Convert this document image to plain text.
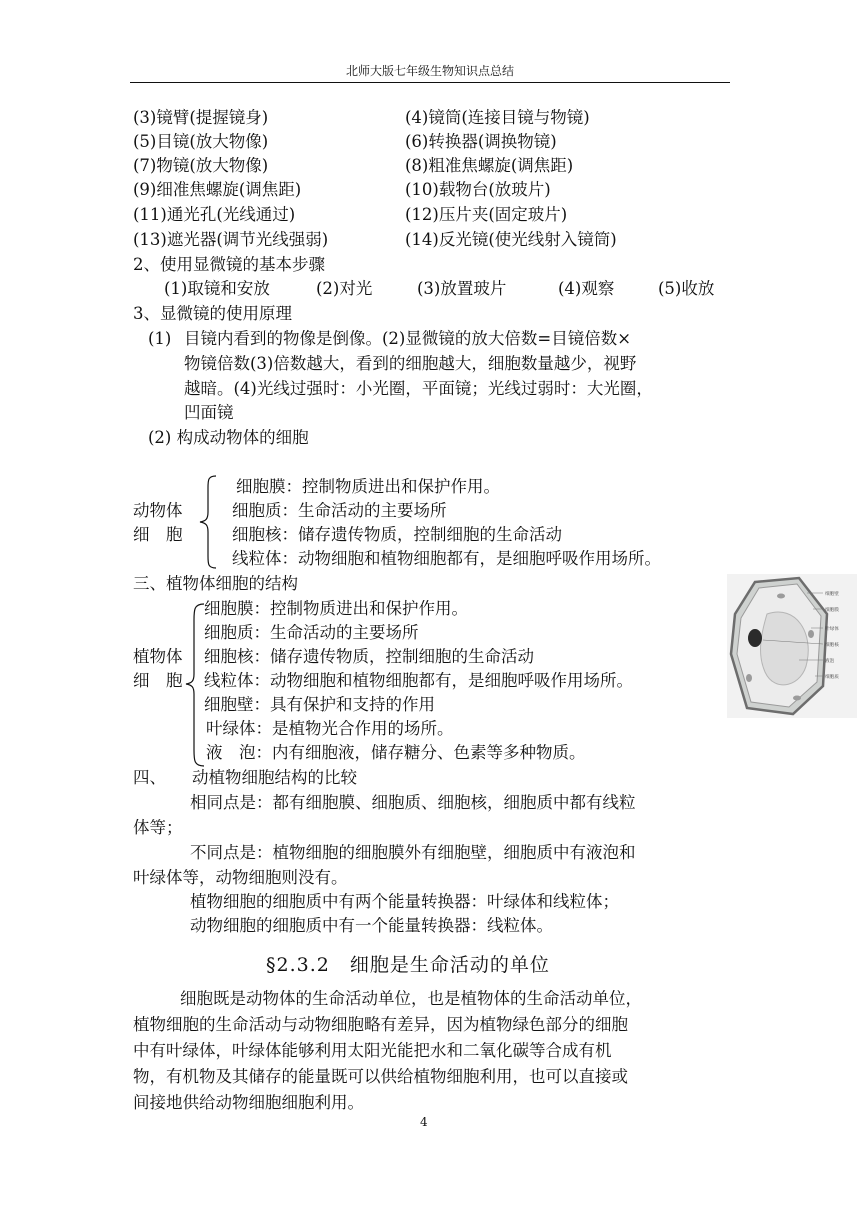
北师大版七年级生物知识点总结
(3)镜臂(提握镜身)	(4)镜筒(连接目镜与物镜)
(5)目镜(放大物像)	(6)转换器(调换物镜)
(7)物镜(放大物像)	(8)粗准焦螺旋(调焦距)
(9)细准焦螺旋(调焦距)	(10)载物台(放玻片)
(11)通光孔(光线通过)	(12)压片夹(固定玻片)
(13)遮光器(调节光线强弱)	(14)反光镜(使光线射入镜筒)
2、使用显微镜的基本步骤
(1)取镜和安放	(2)对光	(3)放置玻片	(4)观察	(5)收放
3、显微镜的使用原理
(1) 目镜内看到的物像是倒像。(2)显微镜的放大倍数=目镜倍数×
物镜倍数(3)倍数越大，看到的细胞越大，细胞数量越少，视野
越暗。(4)光线过强时：小光圈，平面镜；光线过弱时：大光圈，
凹面镜
(2) 构成动物体的细胞
动物体
细　胞
细胞膜：控制物质进出和保护作用。
细胞质：生命活动的主要场所
细胞核：储存遗传物质，控制细胞的生命活动
线粒体：动物细胞和植物细胞都有，是细胞呼吸作用场所。
三、植物体细胞的结构
植物体
细　胞
细胞膜：控制物质进出和保护作用。
细胞质：生命活动的主要场所
细胞核：储存遗传物质，控制细胞的生命活动
线粒体：动物细胞和植物细胞都有，是细胞呼吸作用场所。
细胞壁：具有保护和支持的作用
叶绿体：是植物光合作用的场所。
液　泡：内有细胞液，储存糖分、色素等多种物质。
细胞壁
细胞膜
叶绿体
细胞核
液泡
细胞质
四、 动植物细胞结构的比较
相同点是：都有细胞膜、细胞质、细胞核，细胞质中都有线粒
体等；
不同点是：植物细胞的细胞膜外有细胞壁，细胞质中有液泡和
叶绿体等，动物细胞则没有。
植物细胞的细胞质中有两个能量转换器：叶绿体和线粒体；
动物细胞的细胞质中有一个能量转换器：线粒体。
§2.3.2　细胞是生命活动的单位
细胞既是动物体的生命活动单位，也是植物体的生命活动单位，
植物细胞的生命活动与动物细胞略有差异，因为植物绿色部分的细胞
中有叶绿体，叶绿体能够利用太阳光能把水和二氧化碳等合成有机
物，有机物及其储存的能量既可以供给植物细胞利用，也可以直接或
间接地供给动物细胞细胞利用。
4
